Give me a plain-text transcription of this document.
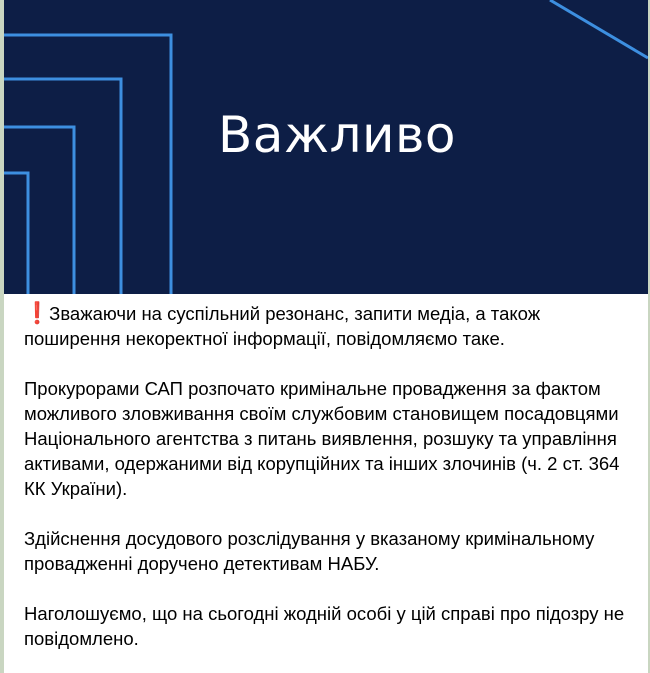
Важливо

❗ Зважаючи на суспільний резонанс, запити медіа, а також поширення некоректної інформації, повідомляємо таке.

Прокурорами САП розпочато кримінальне провадження за фактом можливого зловживання своїм службовим становищем посадовцями Національного агентства з питань виявлення, розшуку та управління активами, одержаними від корупційних та інших злочинів (ч. 2 ст. 364 КК України).

Здійснення досудового розслідування у вказаному кримінальному провадженні доручено детективам НАБУ.

Наголошуємо, що на сьогодні жодній особі у цій справі про підозру не повідомлено.
